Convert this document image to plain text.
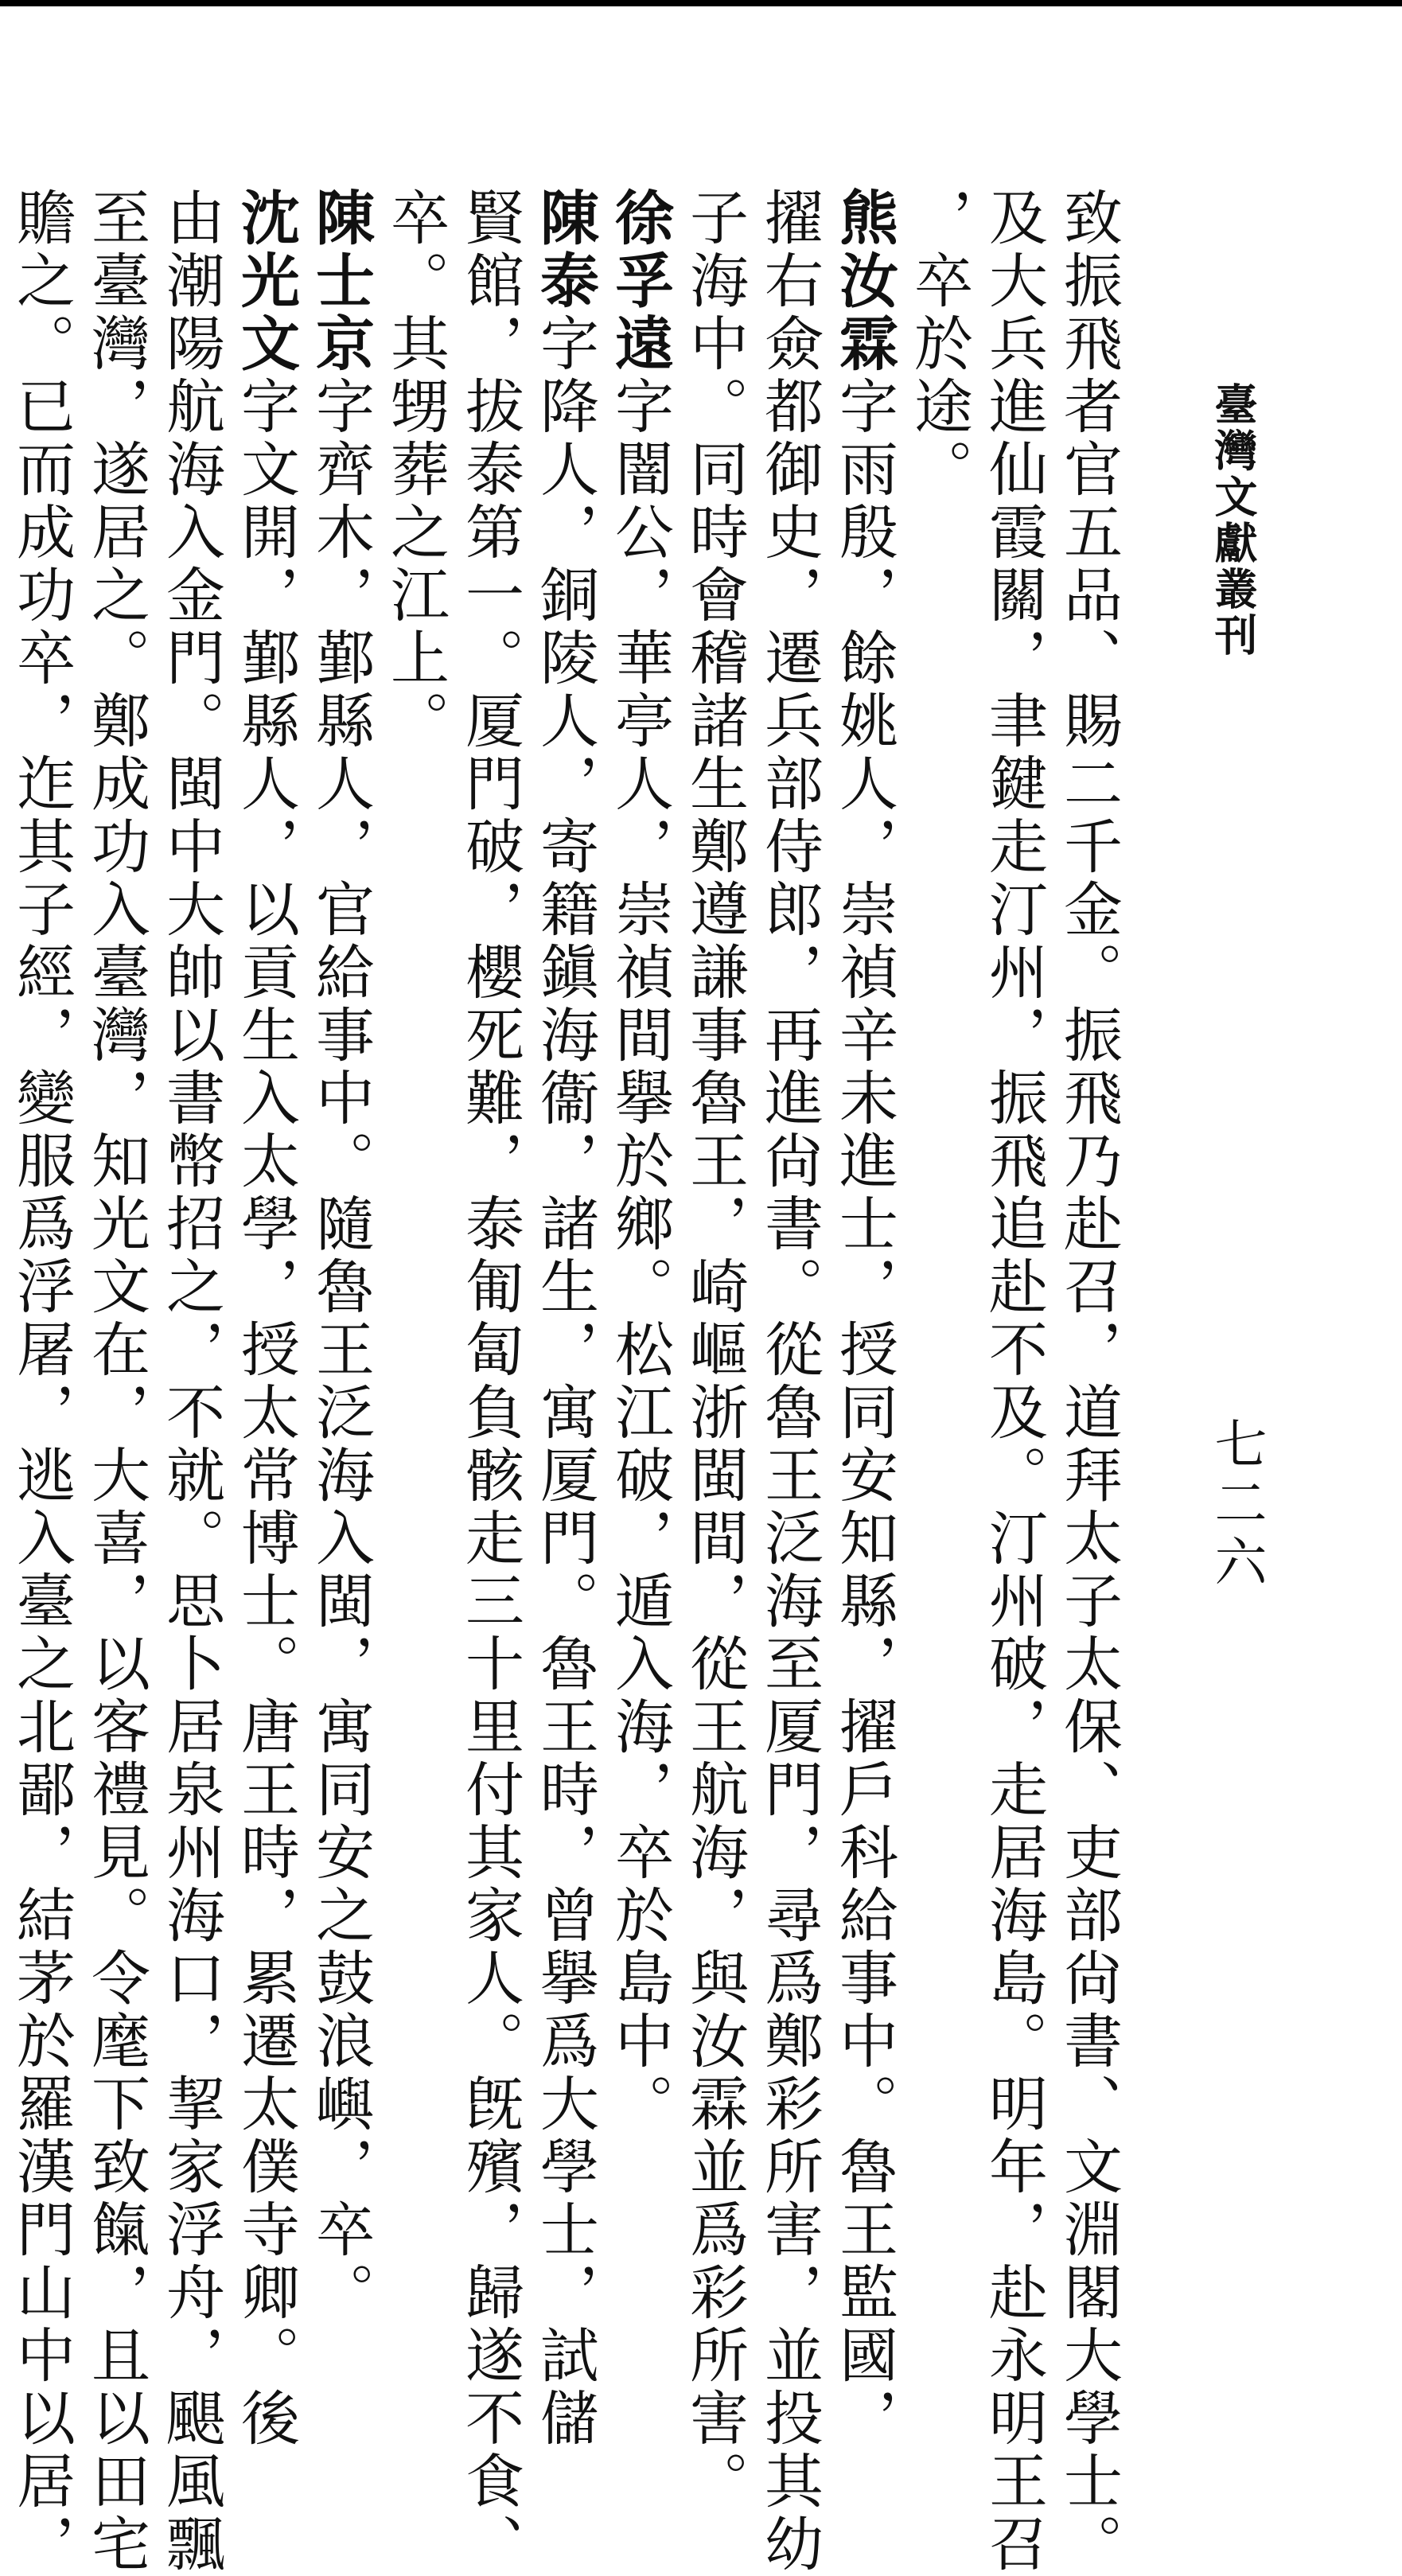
臺灣文獻叢刊
七二六
致振飛者官五品、賜二千金。振飛乃赴召，道拜太子太保、吏部尙書、文淵閣大學士。
及大兵進仙霞關，聿鍵走汀州，振飛追赴不及。汀州破，走居海島。明年，赴永明王召
，卒於途。
熊汝霖字雨殷，餘姚人，崇禎辛未進士，授同安知縣，擢戶科給事中。魯王監國，
擢右僉都御史，遷兵部侍郎，再進尙書。從魯王泛海至厦門，尋爲鄭彩所害，並投其幼
子海中。同時會稽諸生鄭遵謙事魯王，崎嶇浙閩間，從王航海，與汝霖並爲彩所害。
徐孚遠字闇公，華亭人，崇禎間擧於鄉。松江破，遁入海，卒於島中。
陳泰字降人，銅陵人，寄籍鎭海衞，諸生，寓厦門。魯王時，曾擧爲大學士，試儲
賢館，拔泰第一。厦門破，櫻死難，泰匍匐負骸走三十里付其家人。旣殯，歸遂不食、
卒。其甥葬之江上。
陳士京字齊木，鄞縣人，官給事中。隨魯王泛海入閩，寓同安之鼓浪嶼，卒。
沈光文字文開，鄞縣人，以貢生入太學，授太常博士。唐王時，累遷太僕寺卿。後
由潮陽航海入金門。閩中大帥以書幣招之，不就。思卜居泉州海口，挈家浮舟，颶風飄
至臺灣，遂居之。鄭成功入臺灣，知光文在，大喜，以客禮見。令麾下致餼，且以田宅
贍之。已而成功卒，迮其子經，變服爲浮屠，逃入臺之北鄙，結茅於羅漢門山中以居，
